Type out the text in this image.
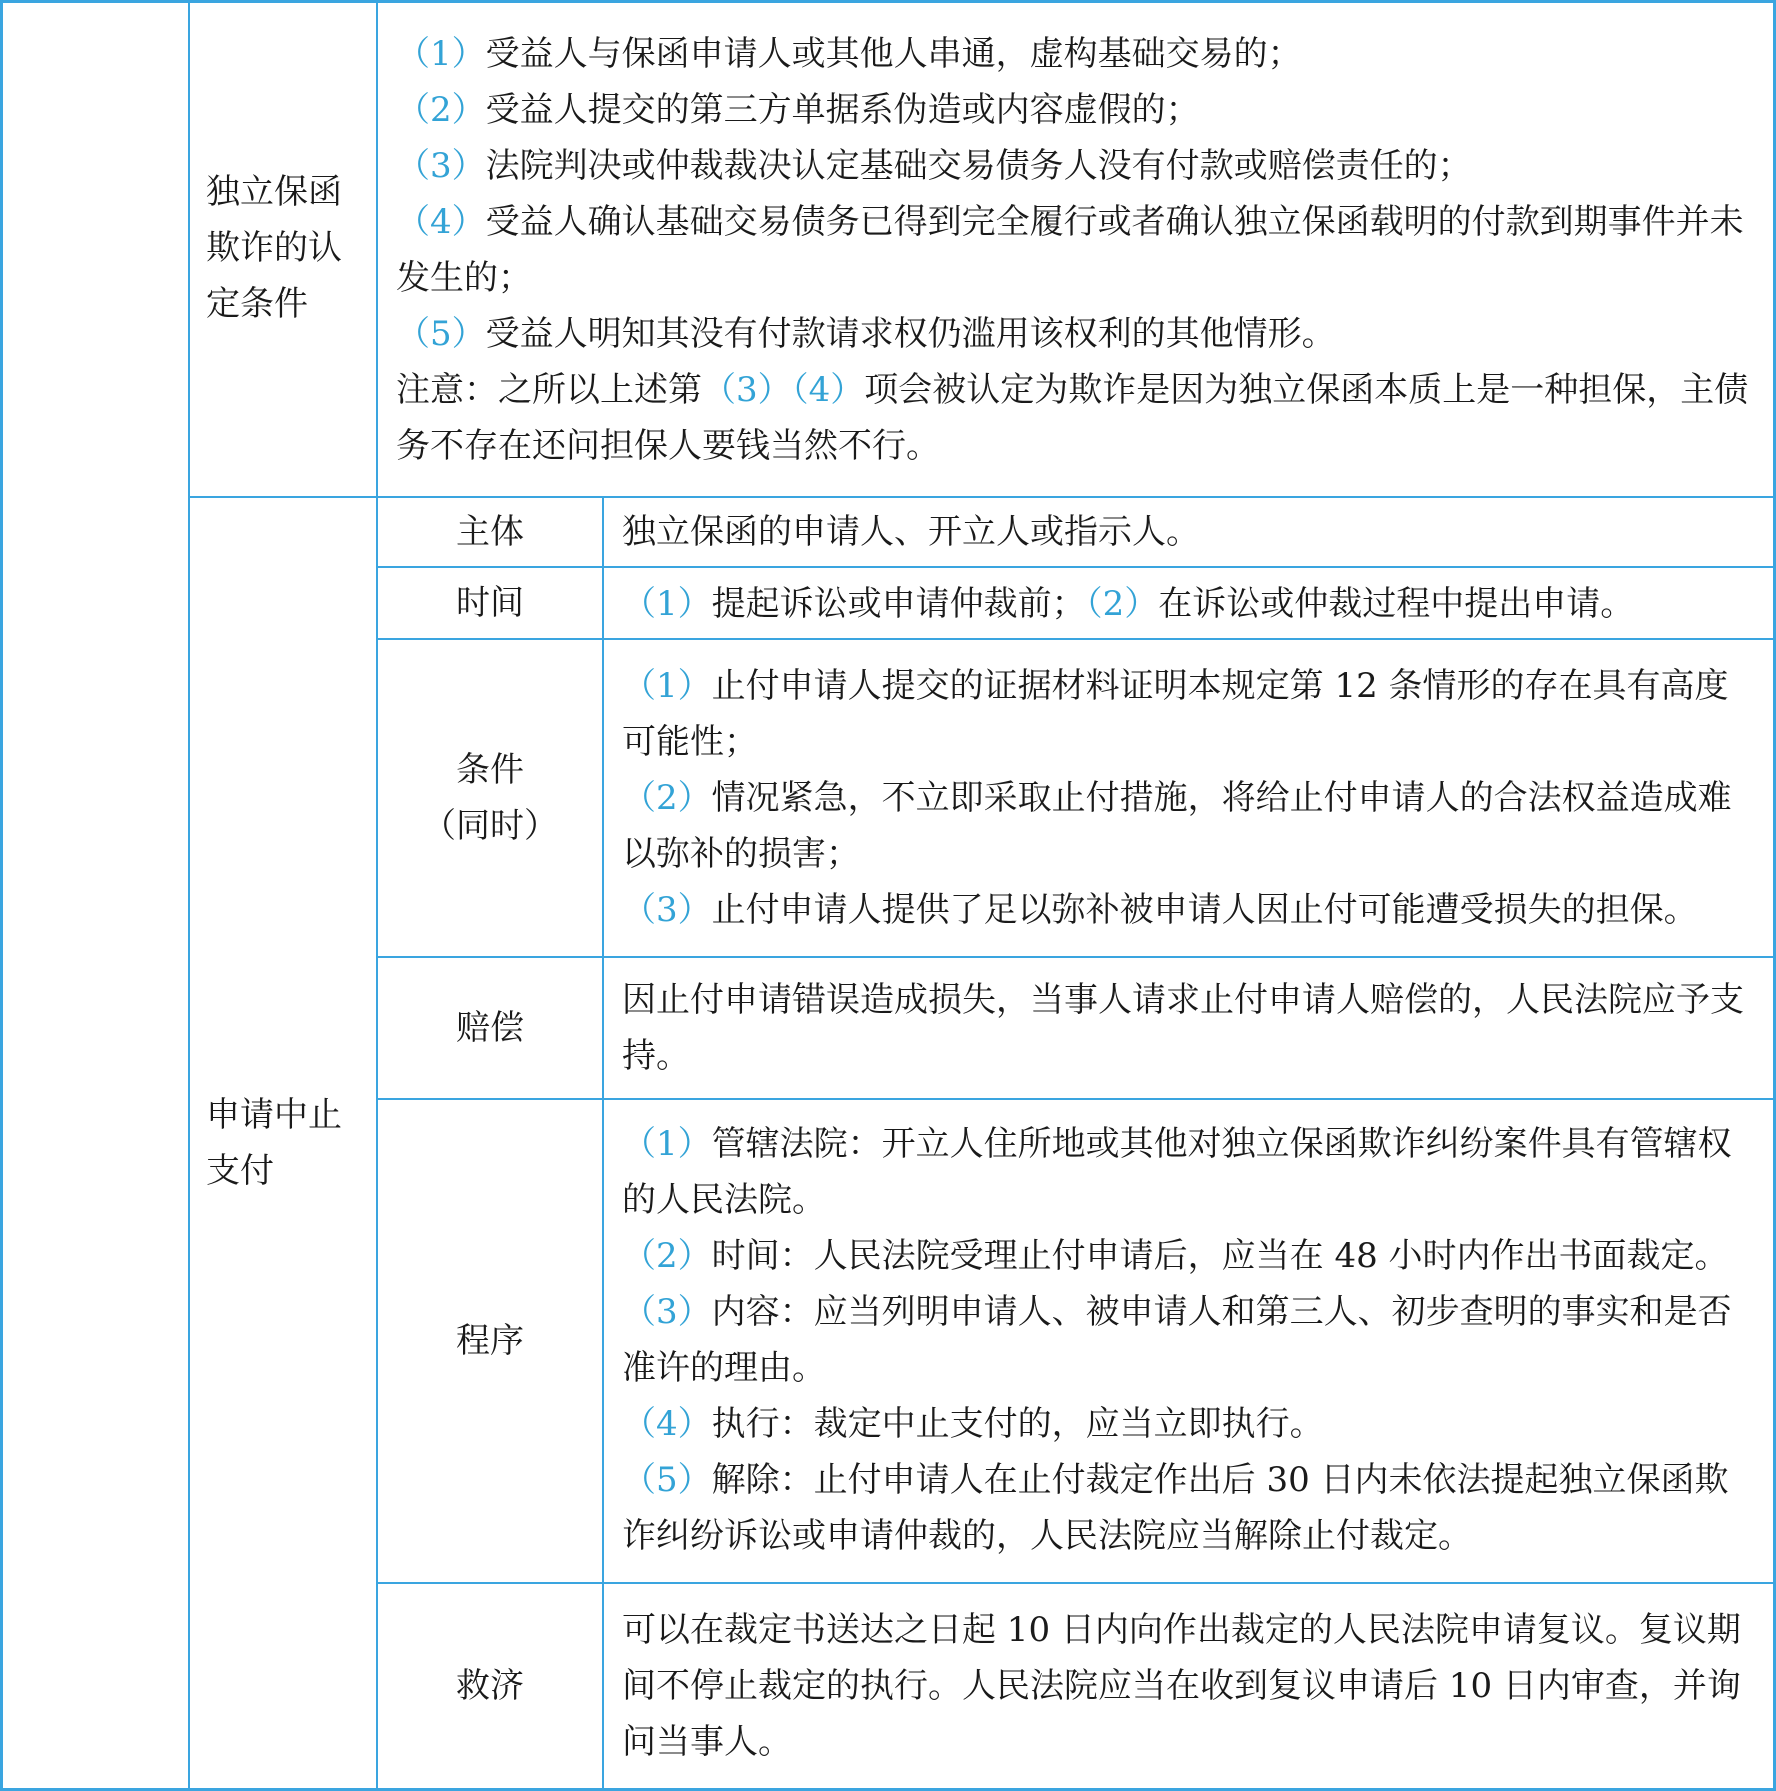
独立保函欺诈的认定条件

（1）受益人与保函申请人或其他人串通，虚构基础交易的；

（2）受益人提交的第三方单据系伪造或内容虚假的；

（3）法院判决或仲裁裁决认定基础交易债务人没有付款或赔偿责任的；

（4）受益人确认基础交易债务已得到完全履行或者确认独立保函载明的付款到期事件并未发生的；

（5）受益人明知其没有付款请求权仍滥用该权利的其他情形。

注意：之所以上述第（3）（4）项会被认定为欺诈是因为独立保函本质上是一种担保，主债务不存在还问担保人要钱当然不行。

申请中止支付
主体	独立保函的申请人、开立人或指示人。

时间	（1）提起诉讼或申请仲裁前；（2）在诉讼或仲裁过程中提出申请。

条件
（同时）

（1）止付申请人提交的证据材料证明本规定第 12 条情形的存在具有高度可能性；

（2）情况紧急，不立即采取止付措施，将给止付申请人的合法权益造成难以弥补的损害；

（3）止付申请人提供了足以弥补被申请人因止付可能遭受损失的担保。

赔偿

因止付申请错误造成损失，当事人请求止付申请人赔偿的，人民法院应予支持。

程序

（1）管辖法院：开立人住所地或其他对独立保函欺诈纠纷案件具有管辖权的人民法院。

（2）时间：人民法院受理止付申请后，应当在 48 小时内作出书面裁定。

（3）内容：应当列明申请人、被申请人和第三人、初步查明的事实和是否准许的理由。

（4）执行：裁定中止支付的，应当立即执行。

（5）解除：止付申请人在止付裁定作出后 30 日内未依法提起独立保函欺诈纠纷诉讼或申请仲裁的，人民法院应当解除止付裁定。

救济

可以在裁定书送达之日起 10 日内向作出裁定的人民法院申请复议。复议期间不停止裁定的执行。人民法院应当在收到复议申请后 10 日内审查，并询问当事人。
